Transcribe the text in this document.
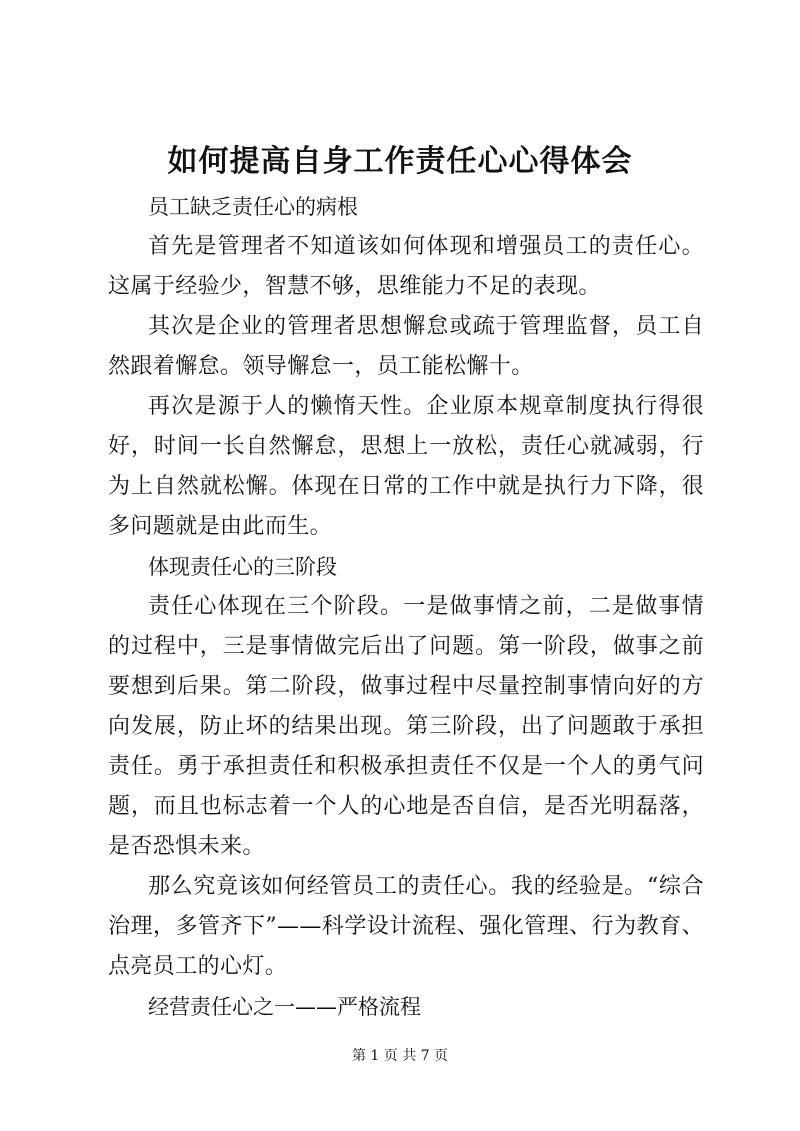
如何提高自身工作责任心心得体会

员工缺乏责任心的病根

首先是管理者不知道该如何体现和增强员工的责任心。这属于经验少，智慧不够，思维能力不足的表现。

其次是企业的管理者思想懈怠或疏于管理监督，员工自然跟着懈怠。领导懈怠一，员工能松懈十。

再次是源于人的懒惰天性。企业原本规章制度执行得很好，时间一长自然懈怠，思想上一放松，责任心就减弱，行为上自然就松懈。体现在日常的工作中就是执行力下降，很多问题就是由此而生。

体现责任心的三阶段

责任心体现在三个阶段。一是做事情之前，二是做事情的过程中，三是事情做完后出了问题。第一阶段，做事之前要想到后果。第二阶段，做事过程中尽量控制事情向好的方向发展，防止坏的结果出现。第三阶段，出了问题敢于承担责任。勇于承担责任和积极承担责任不仅是一个人的勇气问题，而且也标志着一个人的心地是否自信，是否光明磊落，是否恐惧未来。

那么究竟该如何经管员工的责任心。我的经验是。“综合治理，多管齐下”——科学设计流程、强化管理、行为教育、点亮员工的心灯。

经营责任心之一——严格流程

第 1 页 共 7 页
